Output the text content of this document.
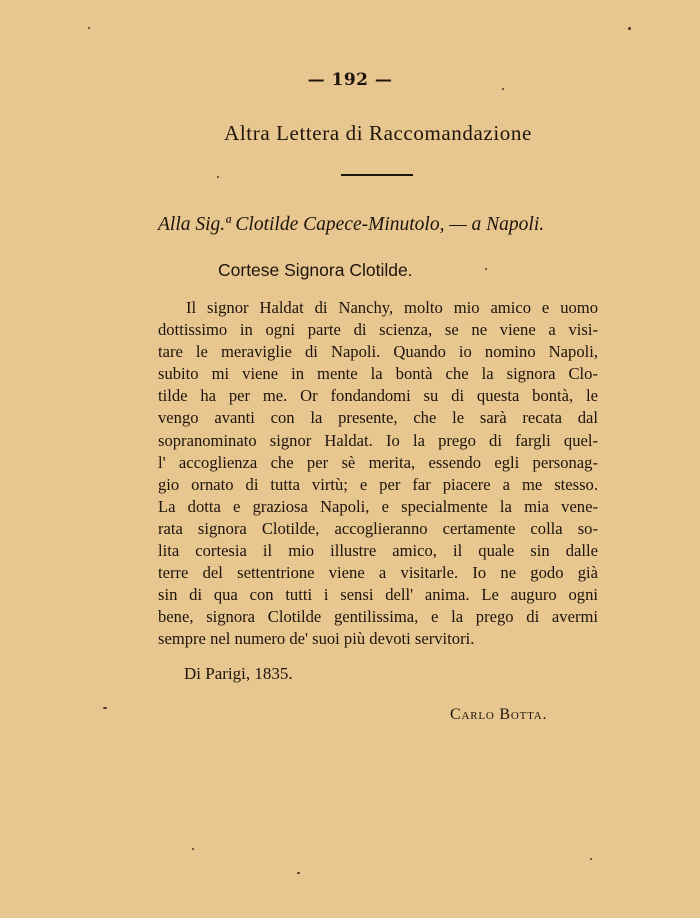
— 192 —
Altra Lettera di Raccomandazione
Alla Sig.ª Clotilde Capece-Minutolo, — a Napoli.
Cortese Signora Clotilde.
Il signor Haldat di Nanchy, molto mio amico e uomo
dottissimo in ogni parte di scienza, se ne viene a visi-
tare le meraviglie di Napoli. Quando io nomino Napoli,
subito mi viene in mente la bontà che la signora Clo-
tilde ha per me. Or fondandomi su di questa bontà, le
vengo avanti con la presente, che le sarà recata dal
sopranominato signor Haldat. Io la prego di fargli quel-
l' accoglienza che per sè merita, essendo egli personag-
gio ornato di tutta virtù; e per far piacere a me stesso.
La dotta e graziosa Napoli, e specialmente la mia vene-
rata signora Clotilde, accoglieranno certamente colla so-
lita cortesia il mio illustre amico, il quale sin dalle
terre del settentrione viene a visitarle. Io ne godo già
sin di qua con tutti i sensi dell' anima. Le auguro ogni
bene, signora Clotilde gentilissima, e la prego di avermi
sempre nel numero de' suoi più devoti servitori.
Di Parigi, 1835.
Carlo Botta.
